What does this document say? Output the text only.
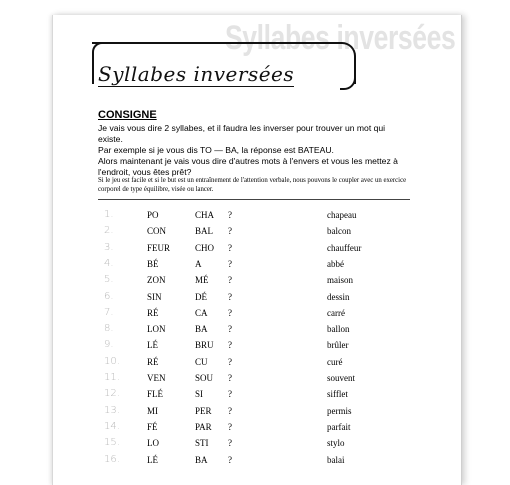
Syllabes inversées
Syllabes inversées
CONSIGNE
Je vais vous dire 2 syllabes, et il faudra les inverser pour trouver un mot qui existe.
Par exemple si je vous dis TO — BA, la réponse est BATEAU.
Alors maintenant je vais vous dire d'autres mots à l'envers et vous les mettez à l'endroit, vous êtes prêt?
Si le jeu est facile et si le but est un entraînement de l'attention verbale, nous pouvons le coupler avec un exercice corporel de type équilibre, visée ou lancer.
1.	PO	CHA ?	chapeau
2.	CON	BAL ?	balcon
3.	FEUR	CHO ?	chauffeur
4.	BÉ	A	?	abbé
5.	ZON	MÉ ?	maison
6.	SIN	DÉ ?	dessin
7.	RÉ	CA ?	carré
8.	LON	BA ?	ballon
9.	LÉ	BRU ?	brûler
10.	RÉ	CU ?	curé
11.	VEN	SOU ?	souvent
12.	FLÉ	SI	?	sifflet
13.	MI	PER ?	permis
14.	FÉ	PAR ?	parfait
15.	LO	STI ?	stylo
16.	LÉ	BA ?	balai
